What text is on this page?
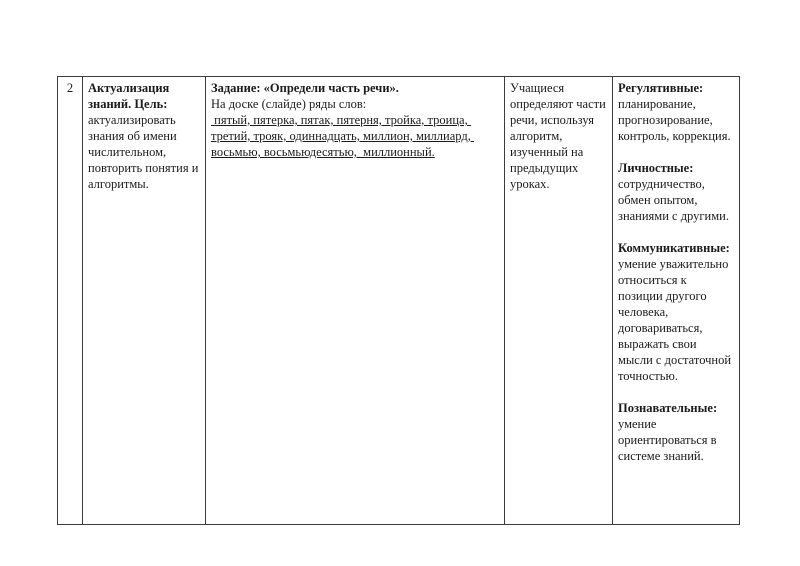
2	Актуализация знаний. Цель: актуализировать знания об имени числительном, повторить понятия и алгоритмы.
Задание: «Определи часть речи».
На доске (слайде) ряды слов:
пятый, пятерка, пятак, пятерня, тройка, троица, третий, трояк, одиннадцать, миллион, миллиард, восьмью, восьмьюдесятью,  миллионный.
Учащиеся определяют части речи, используя алгоритм, изученный на предыдущих уроках.

Регулятивные: планирование, прогнозирование, контроль, коррекция.

Личностные: сотрудничество, обмен опытом, знаниями с другими.

Коммуникативные: умение уважительно относиться к позиции другого человека, договариваться, выражать свои мысли с достаточной точностью.

Познавательные: умение ориентироваться в системе знаний.
